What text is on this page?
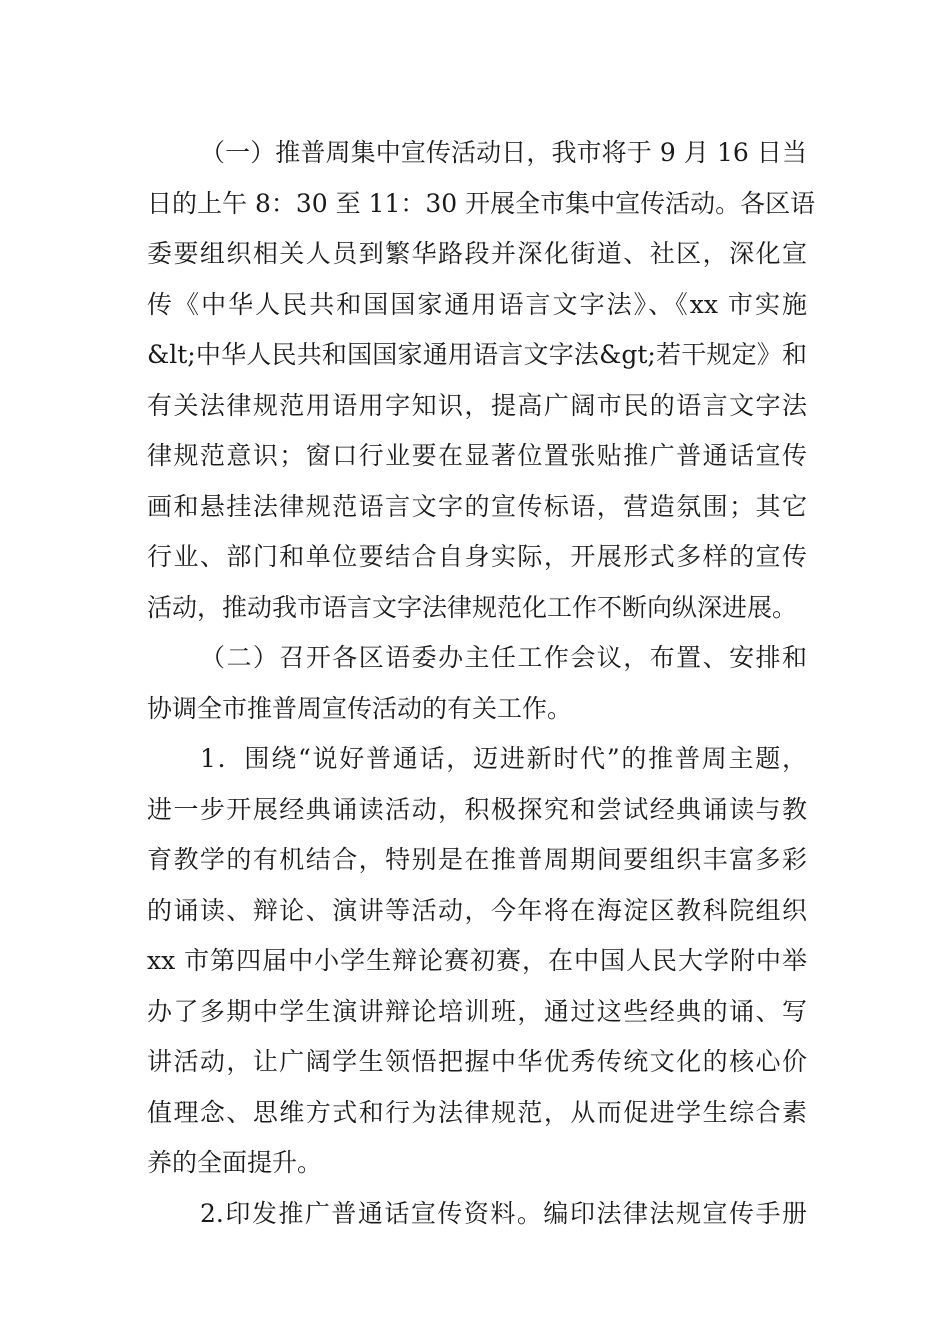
（一）推普周集中宣传活动日，我市将于 9 月 16 日当
日的上午 8：30 至 11：30 开展全市集中宣传活动。各区语
委要组织相关人员到繁华路段并深化街道、社区，深化宣
传《中华人民共和国国家通用语言文字法》、《xx 市实施
&lt;中华人民共和国国家通用语言文字法&gt;若干规定》和
有关法律规范用语用字知识，提高广阔市民的语言文字法
律规范意识；窗口行业要在显著位置张贴推广普通话宣传
画和悬挂法律规范语言文字的宣传标语，营造氛围；其它
行业、部门和单位要结合自身实际，开展形式多样的宣传
活动，推动我市语言文字法律规范化工作不断向纵深进展。
（二）召开各区语委办主任工作会议，布置、安排和
协调全市推普周宣传活动的有关工作。
1．围绕“说好普通话，迈进新时代”的推普周主题，
进一步开展经典诵读活动，积极探究和尝试经典诵读与教
育教学的有机结合，特别是在推普周期间要组织丰富多彩
的诵读、辩论、演讲等活动，今年将在海淀区教科院组织
xx 市第四届中小学生辩论赛初赛，在中国人民大学附中举
办了多期中学生演讲辩论培训班，通过这些经典的诵、写
讲活动，让广阔学生领悟把握中华优秀传统文化的核心价
值理念、思维方式和行为法律规范，从而促进学生综合素
养的全面提升。
2.印发推广普通话宣传资料。编印法律法规宣传手册
